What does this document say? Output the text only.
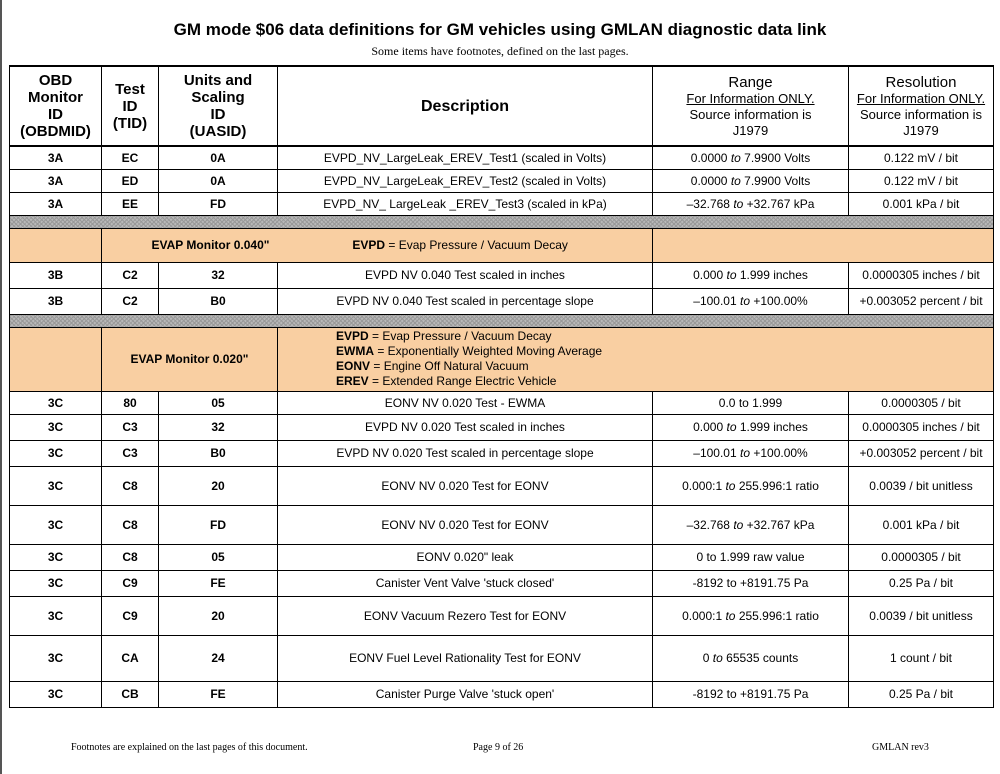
GM mode $06 data definitions for GM vehicles using GMLAN diagnostic data link
Some items have footnotes, defined on the last pages.
OBD
Monitor
ID
(OBDMID)	Test
ID
(TID)	Units and
Scaling
ID
(UASID)	Description	Range
For Information ONLY.
Source information is
J1979	Resolution
For Information ONLY.
Source information is
J1979

3A	EC	0A	EVPD_NV_LargeLeak_EREV_Test1 (scaled in Volts)	0.0000 to 7.9900 Volts	0.122 mV / bit
3A	ED	0A	EVPD_NV_LargeLeak_EREV_Test2 (scaled in Volts)	0.0000 to 7.9900 Volts	0.122 mV / bit
3A	EE	FD	EVPD_NV_ LargeLeak _EREV_Test3 (scaled in kPa)	–32.768 to +32.767 kPa	0.001 kPa / bit

	EVAP Monitor 0.040" EVPD = Evap Pressure / Vacuum Decay				
3B	C2	32	EVPD NV 0.040 Test scaled in inches	0.000 to 1.999 inches	0.0000305 inches / bit
3B	C2	B0	EVPD NV 0.040 Test scaled in percentage slope	–100.01 to +100.00%	+0.003052 percent / bit

	EVAP Monitor 0.020"		EVPD = Evap Pressure / Vacuum Decay
EWMA = Exponentially Weighted Moving Average
EONV = Engine Off Natural Vacuum
EREV = Extended Range Electric Vehicle		

3C	80	05	EONV NV 0.020 Test - EWMA	0.0 to 1.999	0.0000305 / bit
3C	C3	32	EVPD NV 0.020 Test scaled in inches	0.000 to 1.999 inches	0.0000305 inches / bit
3C	C3	B0	EVPD NV 0.020 Test scaled in percentage slope	–100.01 to +100.00%	+0.003052 percent / bit
3C	C8	20	EONV NV 0.020 Test for EONV	0.000:1 to 255.996:1 ratio	0.0039 / bit unitless
3C	C8	FD	EONV NV 0.020 Test for EONV	–32.768 to +32.767 kPa	0.001 kPa / bit
3C	C8	05	EONV 0.020" leak	0 to 1.999 raw value	0.0000305 / bit
3C	C9	FE	Canister Vent Valve 'stuck closed'	-8192 to +8191.75 Pa	0.25 Pa / bit
3C	C9	20	EONV Vacuum Rezero Test for EONV	0.000:1 to 255.996:1 ratio	0.0039 / bit unitless
3C	CA	24	EONV Fuel Level Rationality Test for EONV	0 to 65535 counts	1 count / bit
3C	CB	FE	Canister Purge Valve 'stuck open'	-8192 to +8191.75 Pa	0.25 Pa / bit
Footnotes are explained on the last pages of this document.	Page 9 of 26	GMLAN rev3
